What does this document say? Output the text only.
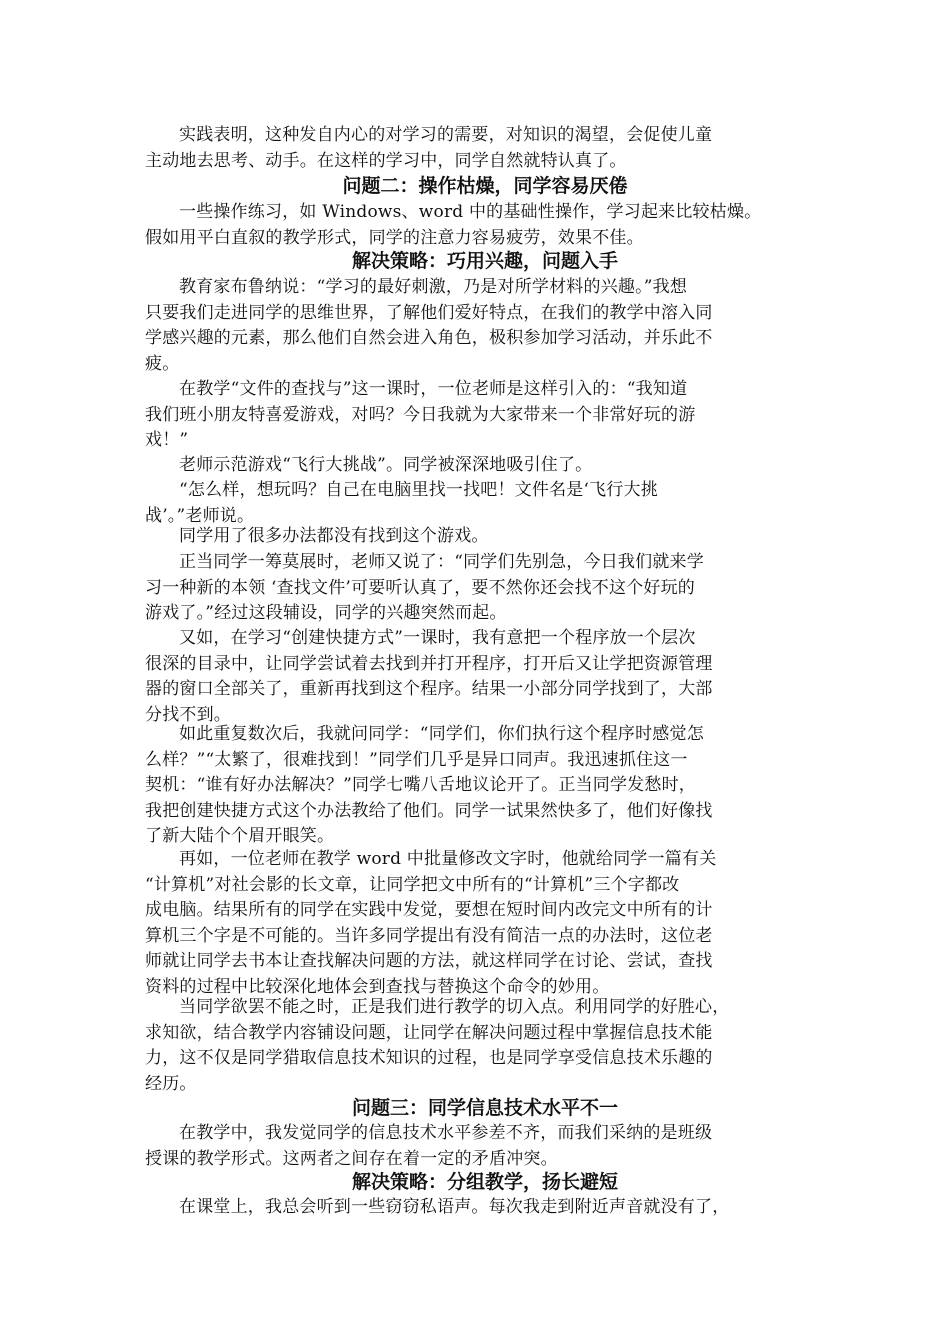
实践表明，这种发自内心的对学习的需要，对知识的渴望，会促使儿童

主动地去思考、动手。在这样的学习中，同学自然就特认真了。

问题二：操作枯燥，同学容易厌倦

一些操作练习，如 Windows、word 中的基础性操作，学习起来比较枯燥。

假如用平白直叙的教学形式，同学的注意力容易疲劳，效果不佳。

解决策略：巧用兴趣，问题入手

教育家布鲁纳说：“学习的最好刺激，乃是对所学材料的兴趣。”我想

只要我们走进同学的思维世界，了解他们爱好特点，在我们的教学中溶入同

学感兴趣的元素，那么他们自然会进入角色，极积参加学习活动，并乐此不

疲。

在教学“文件的查找与”这一课时，一位老师是这样引入的：“我知道

我们班小朋友特喜爱游戏，对吗？今日我就为大家带来一个非常好玩的游

戏！”

老师示范游戏“飞行大挑战”。同学被深深地吸引住了。

“怎么样，想玩吗？自己在电脑里找一找吧！文件名是‘飞行大挑

战’。”老师说。

同学用了很多办法都没有找到这个游戏。

正当同学一筹莫展时，老师又说了：“同学们先别急，今日我们就来学

习一种新的本领 ‘查找文件’可要听认真了，要不然你还会找不这个好玩的

游戏了。”经过这段辅设，同学的兴趣突然而起。

又如，在学习“创建快捷方式”一课时，我有意把一个程序放一个层次

很深的目录中，让同学尝试着去找到并打开程序，打开后又让学把资源管理

器的窗口全部关了，重新再找到这个程序。结果一小部分同学找到了，大部

分找不到。

如此重复数次后，我就问同学：“同学们，你们执行这个程序时感觉怎

么样？”“太繁了，很难找到！”同学们几乎是异口同声。我迅速抓住这一

契机：“谁有好办法解决？”同学七嘴八舌地议论开了。正当同学发愁时，

我把创建快捷方式这个办法教给了他们。同学一试果然快多了，他们好像找

了新大陆个个眉开眼笑。

再如，一位老师在教学 word 中批量修改文字时，他就给同学一篇有关

“计算机”对社会影的长文章，让同学把文中所有的“计算机”三个字都改

成电脑。结果所有的同学在实践中发觉，要想在短时间内改完文中所有的计

算机三个字是不可能的。当许多同学提出有没有简洁一点的办法时，这位老

师就让同学去书本让查找解决问题的方法，就这样同学在讨论、尝试，查找

资料的过程中比较深化地体会到查找与替换这个命令的妙用。

当同学欲罢不能之时，正是我们进行教学的切入点。利用同学的好胜心，

求知欲，结合教学内容铺设问题，让同学在解决问题过程中掌握信息技术能

力，这不仅是同学猎取信息技术知识的过程，也是同学享受信息技术乐趣的

经历。

问题三：同学信息技术水平不一

在教学中，我发觉同学的信息技术水平参差不齐，而我们采纳的是班级

授课的教学形式。这两者之间存在着一定的矛盾冲突。

解决策略：分组教学，扬长避短

在课堂上，我总会听到一些窃窃私语声。每次我走到附近声音就没有了，
